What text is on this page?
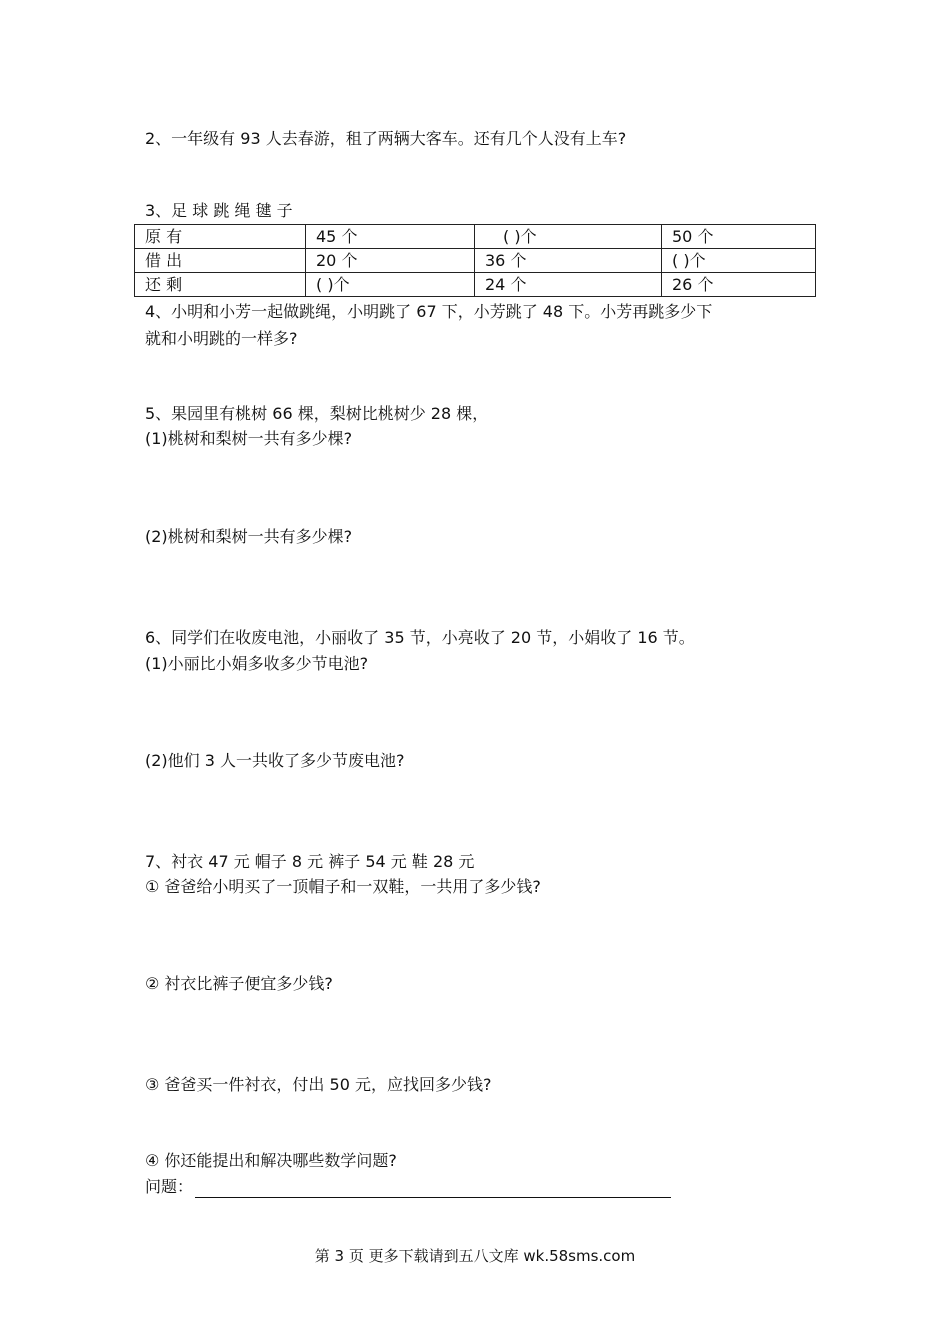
2、一年级有 93 人去春游，租了两辆大客车。还有几个人没有上车?
3、足 球 跳 绳 毽 子
原 有	45 个	( )个	50 个
借 出	20 个	36 个	( )个
还 剩	( )个	24 个	26 个
4、小明和小芳一起做跳绳，小明跳了 67 下，小芳跳了 48 下。小芳再跳多少下
就和小明跳的一样多?
5、果园里有桃树 66 棵，梨树比桃树少 28 棵，
(1)桃树和梨树一共有多少棵?
(2)桃树和梨树一共有多少棵?
6、同学们在收废电池，小丽收了 35 节，小亮收了 20 节，小娟收了 16 节。
(1)小丽比小娟多收多少节电池?
(2)他们 3 人一共收了多少节废电池?
7、衬衣 47 元 帽子 8 元 裤子 54 元 鞋 28 元
① 爸爸给小明买了一顶帽子和一双鞋，一共用了多少钱?
② 衬衣比裤子便宜多少钱?
③ 爸爸买一件衬衣，付出 50 元，应找回多少钱?
④ 你还能提出和解决哪些数学问题?
问题：
第 3 页 更多下载请到五八文库 wk.58sms.com
